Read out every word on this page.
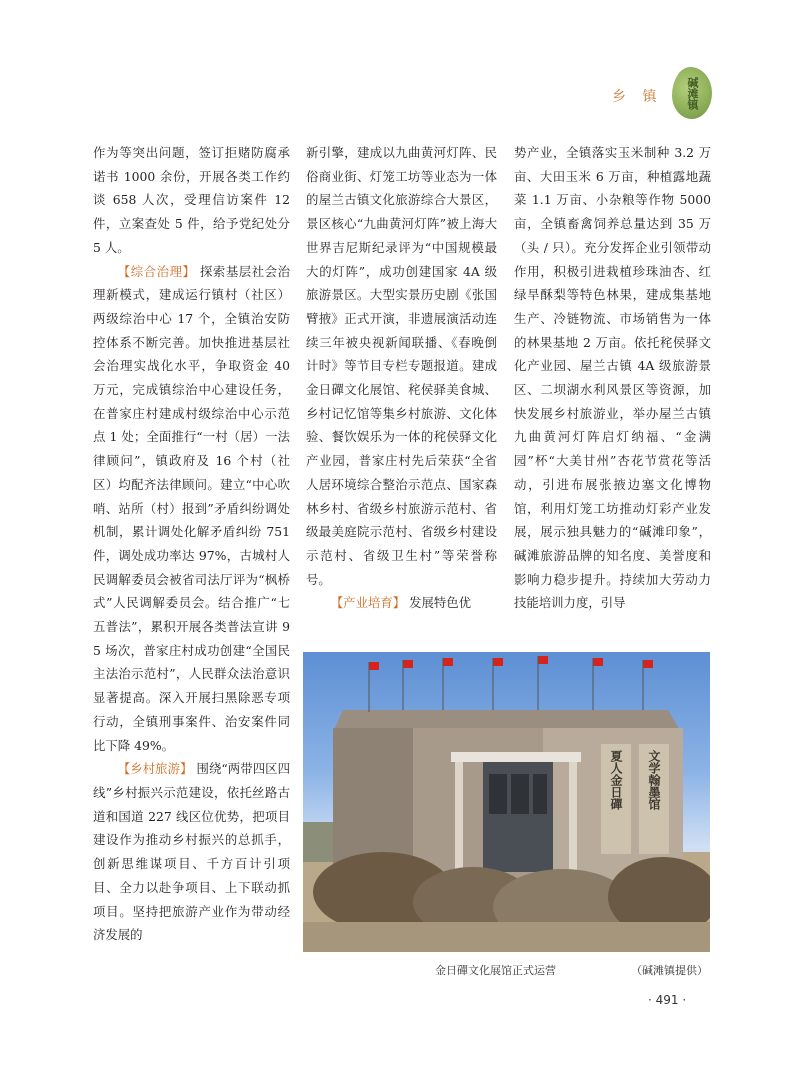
乡 镇 碱滩镇

作为等突出问题，签订拒赌防腐承诺书 1000 余份，开展各类工作约谈 658 人次，受理信访案件 12 件，立案查处 5 件，给予党纪处分 5 人。

【综合治理】 探索基层社会治理新模式，建成运行镇村（社区）两级综治中心 17 个，全镇治安防控体系不断完善。加快推进基层社会治理实战化水平，争取资金 40 万元，完成镇综治中心建设任务，在普家庄村建成村级综治中心示范点 1 处；全面推行“一村（居）一法律顾问”，镇政府及 16 个村（社区）均配齐法律顾问。建立“中心吹哨、站所（村）报到”矛盾纠纷调处机制，累计调处化解矛盾纠纷 751 件，调处成功率达 97%，古城村人民调解委员会被省司法厅评为“枫桥式”人民调解委员会。结合推广“七五普法”，累积开展各类普法宣讲 95 场次，普家庄村成功创建“全国民主法治示范村”，人民群众法治意识显著提高。深入开展扫黑除恶专项行动，全镇刑事案件、治安案件同比下降 49%。

【乡村旅游】 围绕“两带四区四线”乡村振兴示范建设，依托丝路古道和国道 227 线区位优势，把项目建设作为推动乡村振兴的总抓手，创新思维谋项目、千方百计引项目、全力以赴争项目、上下联动抓项目。坚持把旅游产业作为带动经济发展的

新引擎，建成以九曲黄河灯阵、民俗商业街、灯笼工坊等业态为一体的屋兰古镇文化旅游综合大景区，景区核心“九曲黄河灯阵”被上海大世界吉尼斯纪录评为“中国规模最大的灯阵”，成功创建国家 4A 级旅游景区。大型实景历史剧《张国臂掖》正式开演，非遗展演活动连续三年被央视新闻联播、《春晚倒计时》等节目专栏专题报道。建成金日磾文化展馆、秺侯驿美食城、乡村记忆馆等集乡村旅游、文化体验、餐饮娱乐为一体的秺侯驿文化产业园，普家庄村先后荣获“全省人居环境综合整治示范点、国家森林乡村、省级乡村旅游示范村、省级最美庭院示范村、省级乡村建设示范村、省级卫生村”等荣誉称号。

【产业培育】 发展特色优

势产业，全镇落实玉米制种 3.2 万亩、大田玉米 6 万亩，种植露地蔬菜 1.1 万亩、小杂粮等作物 5000 亩，全镇畜禽饲养总量达到 35 万（头 / 只）。充分发挥企业引领带动作用，积极引进栽植珍珠油杏、红绿旱酥梨等特色林果，建成集基地生产、冷链物流、市场销售为一体的林果基地 2 万亩。依托秺侯驿文化产业园、屋兰古镇 4A 级旅游景区、二坝湖水利风景区等资源，加快发展乡村旅游业，举办屋兰古镇九曲黄河灯阵启灯纳福、“金满园”杯“大美甘州”杏花节赏花等活动，引进布展张掖边塞文化博物馆，利用灯笼工坊推动灯彩产业发展，展示独具魅力的“碱滩印象”，碱滩旅游品牌的知名度、美誉度和影响力稳步提升。持续加大劳动力技能培训力度，引导

夏人金日磾	文学翰墨馆
金日磾文化展馆正式运营	（碱滩镇提供）
· 491 ·
